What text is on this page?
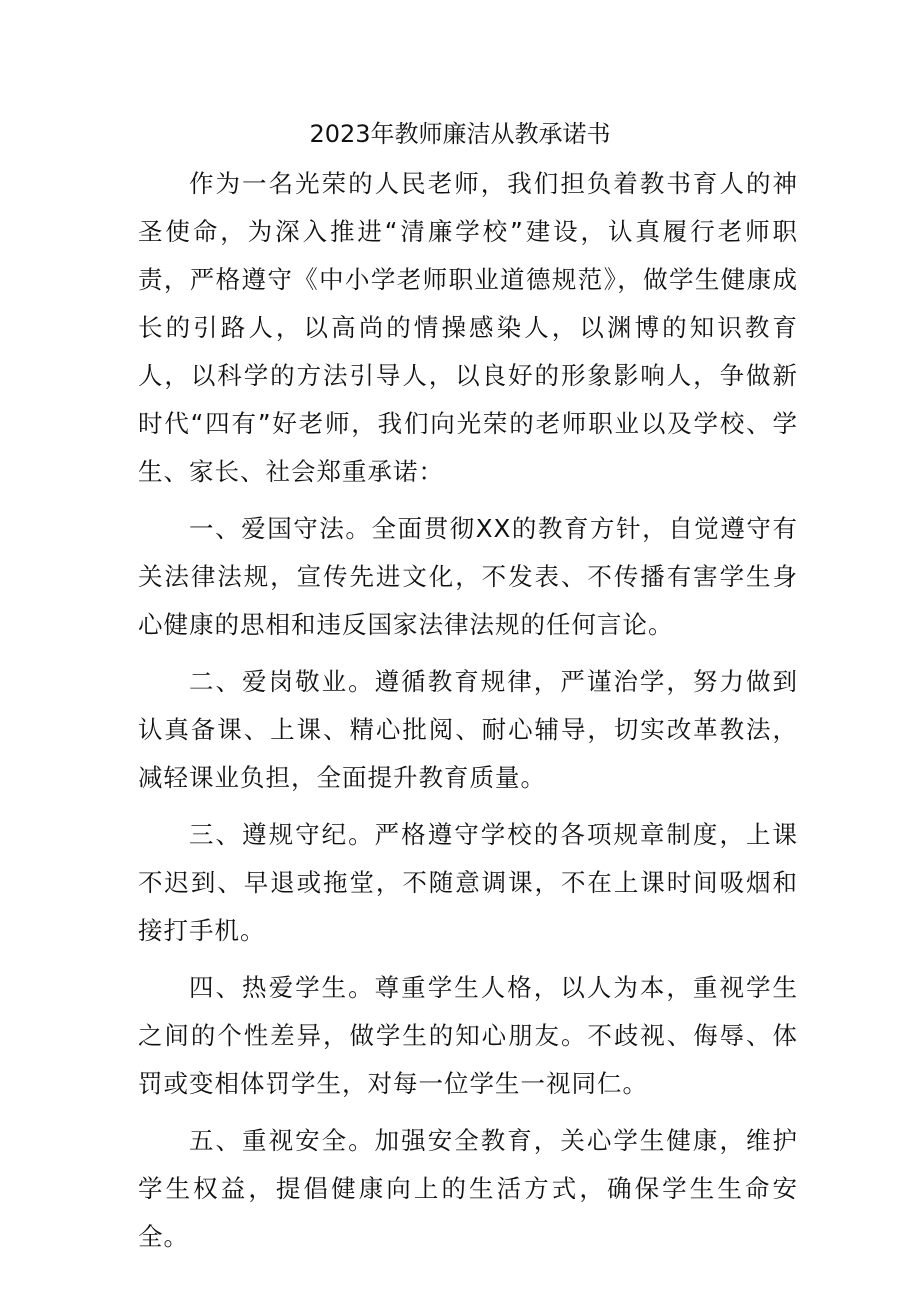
2023年教师廉洁从教承诺书

作为一名光荣的人民老师，我们担负着教书育人的神圣使命，为深入推进“清廉学校”建设，认真履行老师职责，严格遵守《中小学老师职业道德规范》，做学生健康成长的引路人，以高尚的情操感染人，以渊博的知识教育人，以科学的方法引导人，以良好的形象影响人，争做新时代“四有”好老师，我们向光荣的老师职业以及学校、学生、家长、社会郑重承诺：

一、爱国守法。全面贯彻XX的教育方针，自觉遵守有关法律法规，宣传先进文化，不发表、不传播有害学生身心健康的思相和违反国家法律法规的任何言论。

二、爱岗敬业。遵循教育规律，严谨治学，努力做到认真备课、上课、精心批阅、耐心辅导，切实改革教法，减轻课业负担，全面提升教育质量。

三、遵规守纪。严格遵守学校的各项规章制度，上课不迟到、早退或拖堂，不随意调课，不在上课时间吸烟和接打手机。

四、热爱学生。尊重学生人格，以人为本，重视学生之间的个性差异，做学生的知心朋友。不歧视、侮辱、体罚或变相体罚学生，对每一位学生一视同仁。

五、重视安全。加强安全教育，关心学生健康，维护学生权益，提倡健康向上的生活方式，确保学生生命安全。
